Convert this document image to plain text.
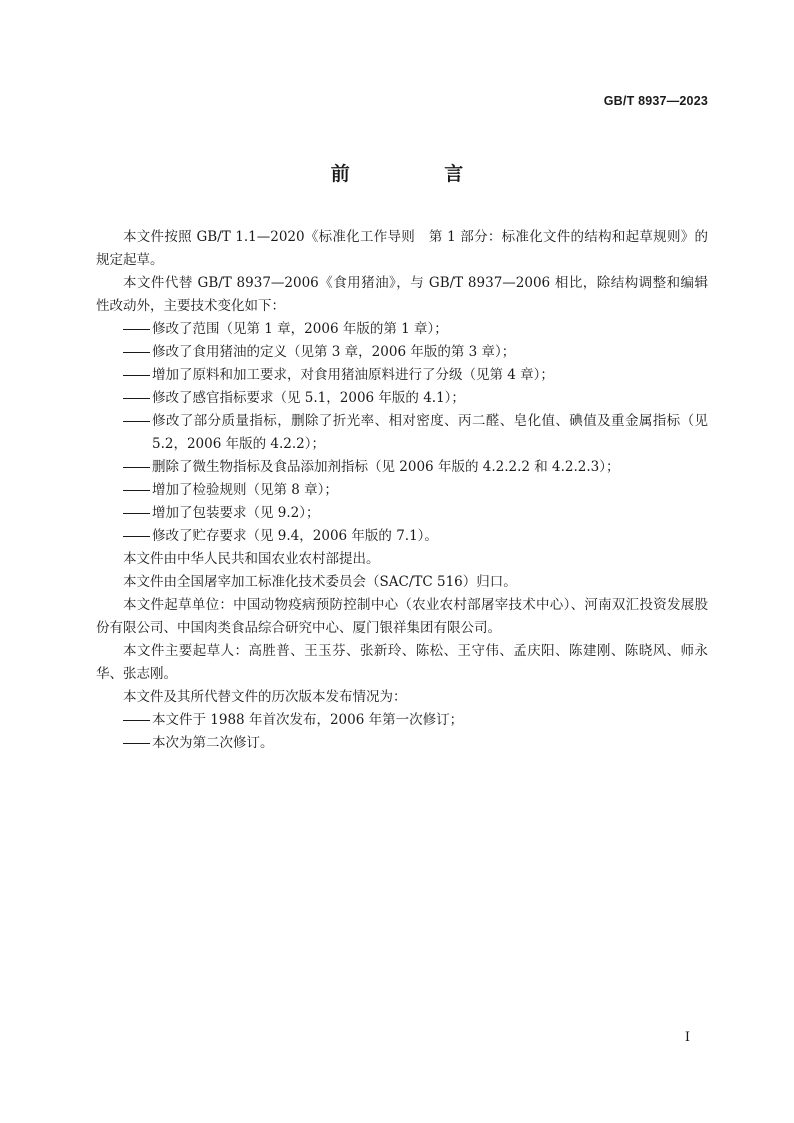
GB/T 8937—2023
前 言

本文件按照 GB/T 1.1—2020《标准化工作导则　第 1 部分：标准化文件的结构和起草规则》的规定起草。

本文件代替 GB/T 8937—2006《食用猪油》，与 GB/T 8937—2006 相比，除结构调整和编辑性改动外，主要技术变化如下：

修改了范围（见第 1 章，2006 年版的第 1 章）；

修改了食用猪油的定义（见第 3 章，2006 年版的第 3 章）；

增加了原料和加工要求，对食用猪油原料进行了分级（见第 4 章）；

修改了感官指标要求（见 5.1，2006 年版的 4.1）；

修改了部分质量指标，删除了折光率、相对密度、丙二醛、皂化值、碘值及重金属指标（见 5.2，2006 年版的 4.2.2）；

删除了微生物指标及食品添加剂指标（见 2006 年版的 4.2.2.2 和 4.2.2.3）；

增加了检验规则（见第 8 章）；

增加了包装要求（见 9.2）；

修改了贮存要求（见 9.4，2006 年版的 7.1）。

本文件由中华人民共和国农业农村部提出。

本文件由全国屠宰加工标准化技术委员会（SAC/TC 516）归口。

本文件起草单位：中国动物疫病预防控制中心（农业农村部屠宰技术中心）、河南双汇投资发展股份有限公司、中国肉类食品综合研究中心、厦门银祥集团有限公司。

本文件主要起草人：高胜普、王玉芬、张新玲、陈松、王守伟、孟庆阳、陈建刚、陈晓风、师永华、张志刚。

本文件及其所代替文件的历次版本发布情况为：

本文件于 1988 年首次发布，2006 年第一次修订；

本次为第二次修订。

I
